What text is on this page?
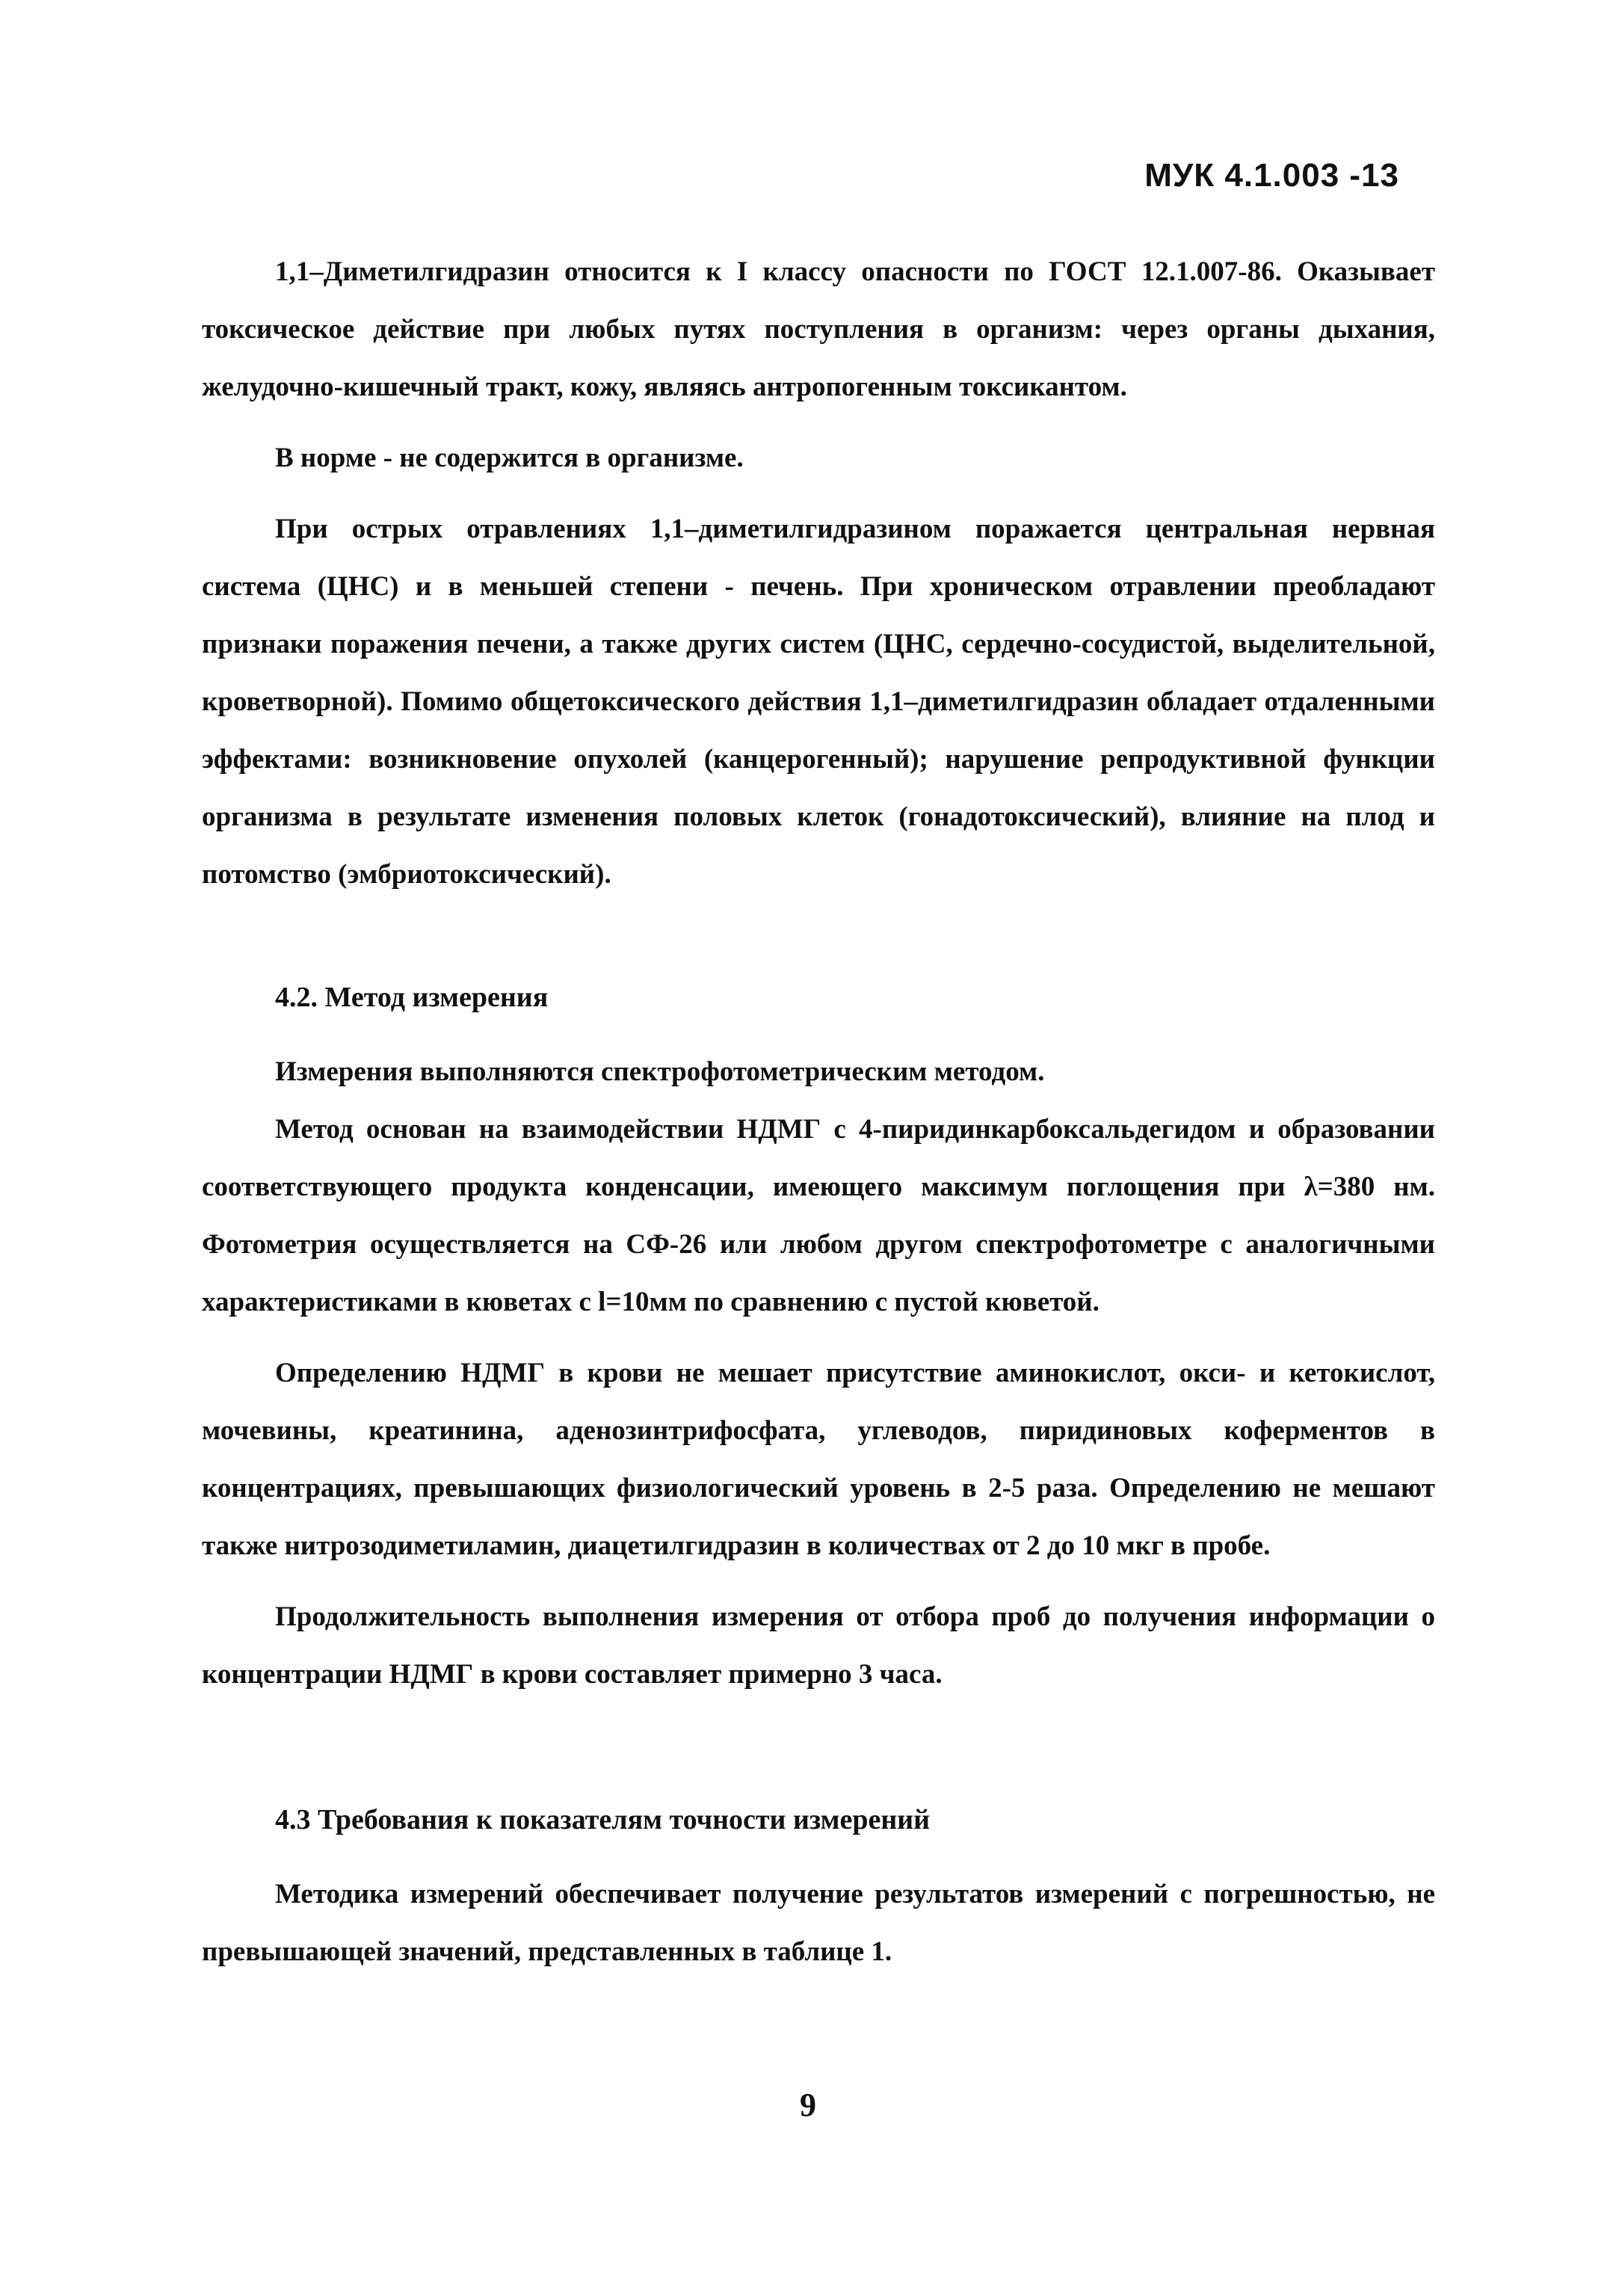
МУК 4.1.003 -13

1,1–Диметилгидразин относится к I классу опасности по ГОСТ 12.1.007-86. Оказывает токсическое действие при любых путях поступления в организм: через органы дыхания, желудочно-кишечный тракт, кожу, являясь антропогенным токсикантом.

В норме - не содержится в организме.

При острых отравлениях 1,1–диметилгидразином поражается центральная нервная система (ЦНС) и в меньшей степени - печень. При хроническом отравлении преобладают признаки поражения печени, а также других систем (ЦНС, сердечно-сосудистой, выделительной, кроветворной). Помимо общетоксического действия 1,1–диметилгидразин обладает отдаленными эффектами: возникновение опухолей (канцерогенный); нарушение репродуктивной функции организма в результате изменения половых клеток (гонадотоксический), влияние на плод и потомство (эмбриотоксический).

4.2. Метод измерения

Измерения выполняются спектрофотометрическим методом.

Метод основан на взаимодействии НДМГ с 4-пиридинкарбоксальдегидом и образовании соответствующего продукта конденсации, имеющего максимум поглощения при λ=380 нм. Фотометрия осуществляется на СФ-26 или любом другом спектрофотометре с аналогичными характеристиками в кюветах с l=10мм по сравнению с пустой кюветой.

Определению НДМГ в крови не мешает присутствие аминокислот, окси- и кетокислот, мочевины, креатинина, аденозинтрифосфата, углеводов, пиридиновых коферментов в концентрациях, превышающих физиологический уровень в 2-5 раза. Определению не мешают также нитрозодиметиламин, диацетилгидразин в количествах от 2 до 10 мкг в пробе.

Продолжительность выполнения измерения от отбора проб до получения информации о концентрации НДМГ в крови составляет примерно 3 часа.

4.3 Требования к показателям точности измерений

Методика измерений обеспечивает получение результатов измерений с погрешностью, не превышающей значений, представленных в таблице 1.

9
